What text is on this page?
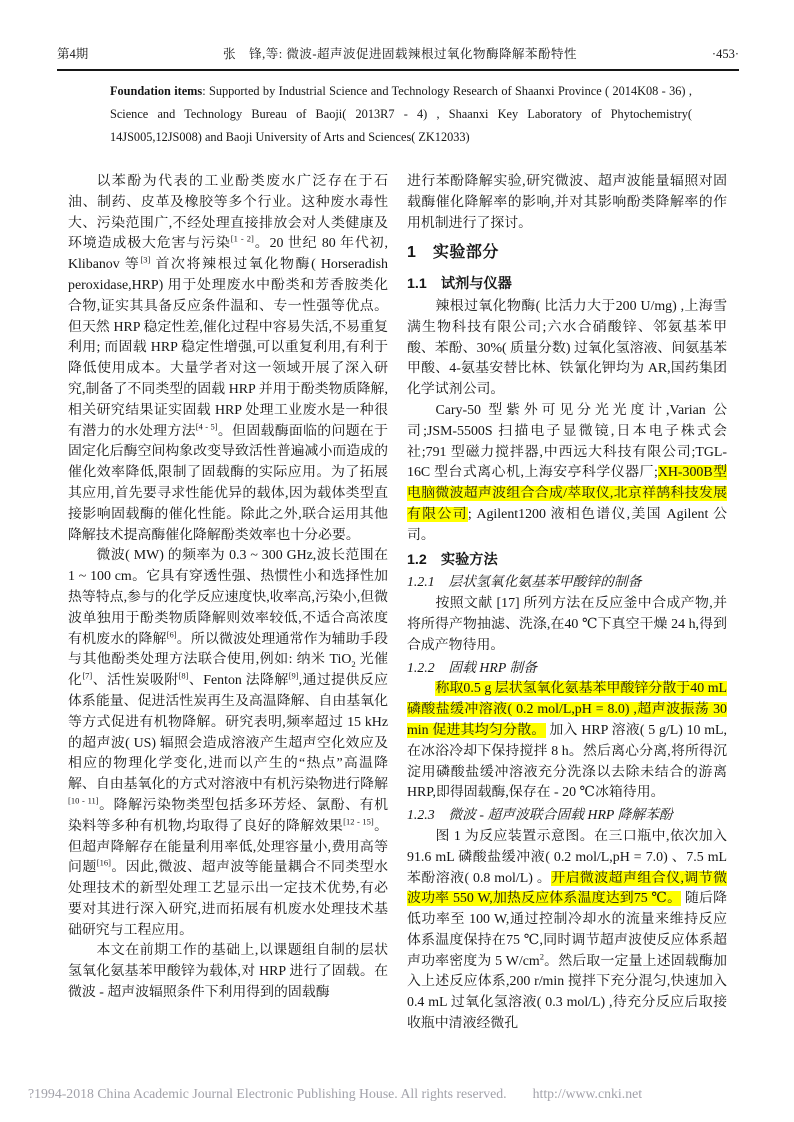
第4期	张　锋,等: 微波-超声波促进固载辣根过氧化物酶降解苯酚特性	·453·

Foundation items: Supported by Industrial Science and Technology Research of Shaanxi Province ( 2014K08 - 36) , Science and Technology Bureau of Baoji( 2013R7 - 4) , Shaanxi Key Laboratory of Phytochemistry( 14JS005,12JS008) and Baoji University of Arts and Sciences( ZK12033)

以苯酚为代表的工业酚类废水广泛存在于石油、制药、皮革及橡胶等多个行业。这种废水毒性大、污染范围广,不经处理直接排放会对人类健康及环境造成极大危害与污染[1 - 2]。20 世纪 80 年代初, Klibanov 等[3] 首次将辣根过氧化物酶( Horseradish peroxidase,HRP) 用于处理废水中酚类和芳香胺类化合物,证实其具备反应条件温和、专一性强等优点。但天然 HRP 稳定性差,催化过程中容易失活,不易重复利用; 而固载 HRP 稳定性增强,可以重复利用,有利于降低使用成本。大量学者对这一领域开展了深入研究,制备了不同类型的固载 HRP 并用于酚类物质降解,相关研究结果证实固载 HRP 处理工业废水是一种很有潜力的水处理方法[4 - 5]。但固载酶面临的问题在于固定化后酶空间构象改变导致活性普遍减小而造成的催化效率降低,限制了固载酶的实际应用。为了拓展其应用,首先要寻求性能优异的载体,因为载体类型直接影响固载酶的催化性能。除此之外,联合运用其他降解技术提高酶催化降解酚类效率也十分必要。

微波( MW) 的频率为 0.3 ~ 300 GHz,波长范围在 1 ~ 100 cm。它具有穿透性强、热惯性小和选择性加热等特点,参与的化学反应速度快,收率高,污染小,但微波单独用于酚类物质降解则效率较低,不适合高浓度有机废水的降解[6]。所以微波处理通常作为辅助手段与其他酚类处理方法联合使用,例如: 纳米 TiO$_2$ 光催化[7]、活性炭吸附[8]、Fenton 法降解[9],通过提供反应体系能量、促进活性炭再生及高温降解、自由基氧化等方式促进有机物降解。研究表明,频率超过 15 kHz 的超声波( US) 辐照会造成溶液产生超声空化效应及相应的物理化学变化,进而以产生的“热点”高温降解、自由基氧化的方式对溶液中有机污染物进行降解[10 - 11]。降解污染物类型包括多环芳烃、氯酚、有机染料等多种有机物,均取得了良好的降解效果[12 - 15]。但超声降解存在能量利用率低,处理容量小,费用高等问题[16]。因此,微波、超声波等能量耦合不同类型水处理技术的新型处理工艺显示出一定技术优势,有必要对其进行深入研究,进而拓展有机废水处理技术基础研究与工程应用。

本文在前期工作的基础上,以课题组自制的层状氢氧化氨基苯甲酸锌为载体,对 HRP 进行了固载。在微波 - 超声波辐照条件下利用得到的固载酶

进行苯酚降解实验,研究微波、超声波能量辐照对固载酶催化降解率的影响,并对其影响酚类降解率的作用机制进行了探讨。

1　实验部分
1.1　试剂与仪器

辣根过氧化物酶( 比活力大于200 U/mg) ,上海雪满生物科技有限公司;六水合硝酸锌、邻氨基苯甲酸、苯酚、30%( 质量分数) 过氧化氢溶液、间氨基苯甲酸、4-氨基安替比林、铁氰化钾均为 AR,国药集团化学试剂公司。

Cary-50 型紫外可见分光光度计,Varian 公司;JSM-5500S 扫描电子显微镜,日本电子株式会社;791 型磁力搅拌器,中西远大科技有限公司;TGL-16C 型台式离心机,上海安亭科学仪器厂;XH-300B型电脑微波超声波组合合成/萃取仪,北京祥鹄科技发展有限公司; Agilent1200 液相色谱仪,美国 Agilent 公司。

1.2　实验方法
1.2.1　层状氢氧化氨基苯甲酸锌的制备

按照文献 [17] 所列方法在反应釜中合成产物,并将所得产物抽滤、洗涤,在40 ℃下真空干燥 24 h,得到合成产物待用。

1.2.2　固载 HRP 制备

称取0.5 g 层状氢氧化氨基苯甲酸锌分散于40 mL磷酸盐缓冲溶液( 0.2 mol/L,pH = 8.0) ,超声波振荡 30 min 促进其均匀分散。 加入 HRP 溶液( 5 g/L) 10 mL,在冰浴冷却下保持搅拌 8 h。然后离心分离,将所得沉淀用磷酸盐缓冲溶液充分洗涤以去除未结合的游离 HRP,即得固载酶,保存在 - 20 ℃冰箱待用。

1.2.3　微波 - 超声波联合固载 HRP 降解苯酚

图 1 为反应装置示意图。在三口瓶中,依次加入 91.6 mL 磷酸盐缓冲液( 0.2 mol/L,pH = 7.0) 、7.5 mL 苯酚溶液( 0.8 mol/L) 。开启微波超声组合仪,调节微波功率 550 W,加热反应体系温度达到75 ℃。 随后降低功率至 100 W,通过控制冷却水的流量来维持反应体系温度保持在75 ℃,同时调节超声波使反应体系超声功率密度为 5 $W/cm^2$。然后取一定量上述固载酶加入上述反应体系,200 r/min 搅拌下充分混匀,快速加入 0.4 mL 过氧化氢溶液( 0.3 mol/L) ,待充分反应后取接收瓶中清液经微孔

?1994-2018 China Academic Journal Electronic Publishing House. All rights reserved. http://www.cnki.net
